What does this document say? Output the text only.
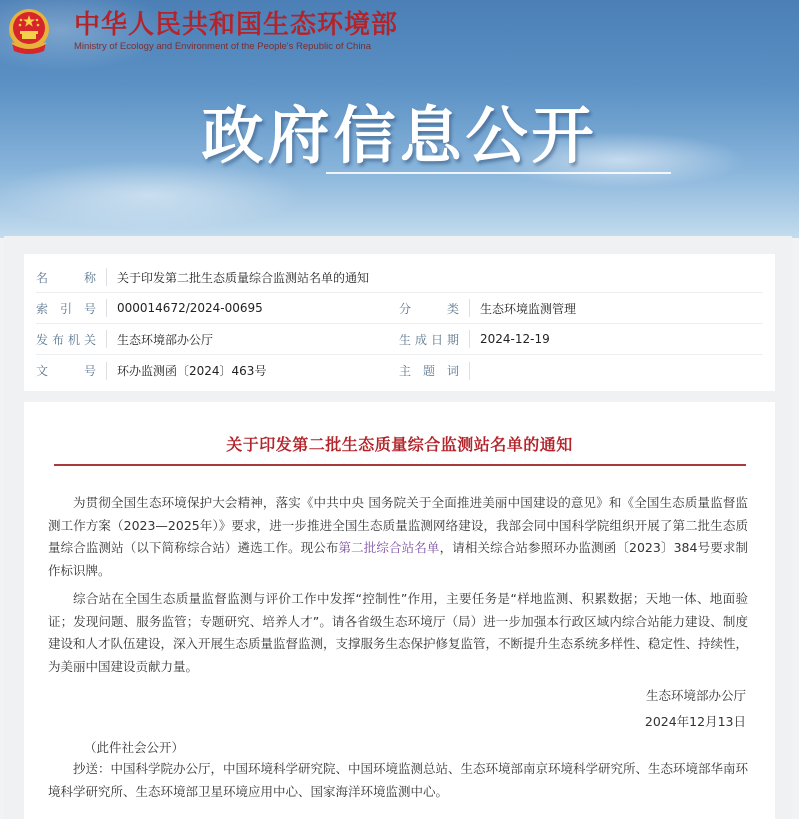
中华人民共和国生态环境部
Ministry of Ecology and Environment of the People's Republic of China
政府信息公开
名　　称 关于印发第二批生态质量综合监测站名单的通知
索 引 号 000014672/2024-00695	分　　类 生态环境监测管理
发布机关 生态环境部办公厅	生成日期 2024-12-19
文　　号 环办监测函〔2024〕463号	主 题 词
关于印发第二批生态质量综合监测站名单的通知

为贯彻全国生态环境保护大会精神，落实《中共中央 国务院关于全面推进美丽中国建设的意见》和《全国生态质量监督监测工作方案（2023—2025年）》要求，进一步推进全国生态质量监测网络建设，我部会同中国科学院组织开展了第二批生态质量综合监测站（以下简称综合站）遴选工作。现公布第二批综合站名单，请相关综合站参照环办监测函〔2023〕384号要求制作标识牌。

综合站在全国生态质量监督监测与评价工作中发挥“控制性”作用，主要任务是“样地监测、积累数据；天地一体、地面验证；发现问题、服务监管；专题研究、培养人才”。请各省级生态环境厅（局）进一步加强本行政区域内综合站能力建设、制度建设和人才队伍建设，深入开展生态质量监督监测，支撑服务生态保护修复监管，不断提升生态系统多样性、稳定性、持续性，为美丽中国建设贡献力量。

生态环境部办公厅
2024年12月13日
（此件社会公开）

抄送：中国科学院办公厅，中国环境科学研究院、中国环境监测总站、生态环境部南京环境科学研究所、生态环境部华南环境科学研究所、生态环境部卫星环境应用中心、国家海洋环境监测中心。
